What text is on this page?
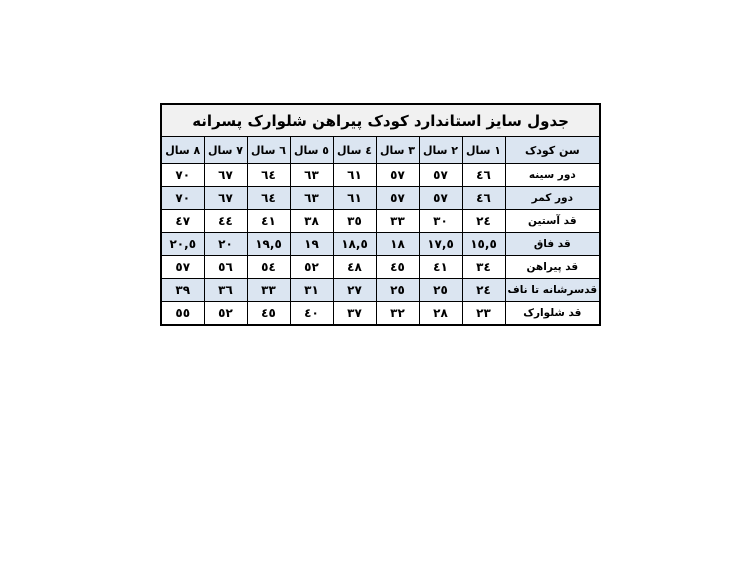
جدول سایز استاندارد کودک پیراهن شلوارک پسرانه								
سن کودک	١ سال	٢ سال	٣ سال	٤ سال	٥ سال	٦ سال	٧ سال	٨ سال
دور سینه	٤٦	٥٧	٥٧	٦١	٦٣	٦٤	٦٧	٧٠
دور کمر	٤٦	٥٧	٥٧	٦١	٦٣	٦٤	٦٧	٧٠
قد آستین	٢٤	٣٠	٣٣	٣٥	٣٨	٤١	٤٤	٤٧
قد فاق	١٥,٥	١٧,٥	١٨	١٨,٥	١٩	١٩,٥	٢٠	٢٠,٥
قد پیراهن	٣٤	٤١	٤٥	٤٨	٥٢	٥٤	٥٦	٥٧
قدسرشانه تا ناف	٢٤	٢٥	٢٥	٢٧	٣١	٣٣	٣٦	٣٩
قد شلوارک	٢٣	٢٨	٣٢	٣٧	٤٠	٤٥	٥٢	٥٥
